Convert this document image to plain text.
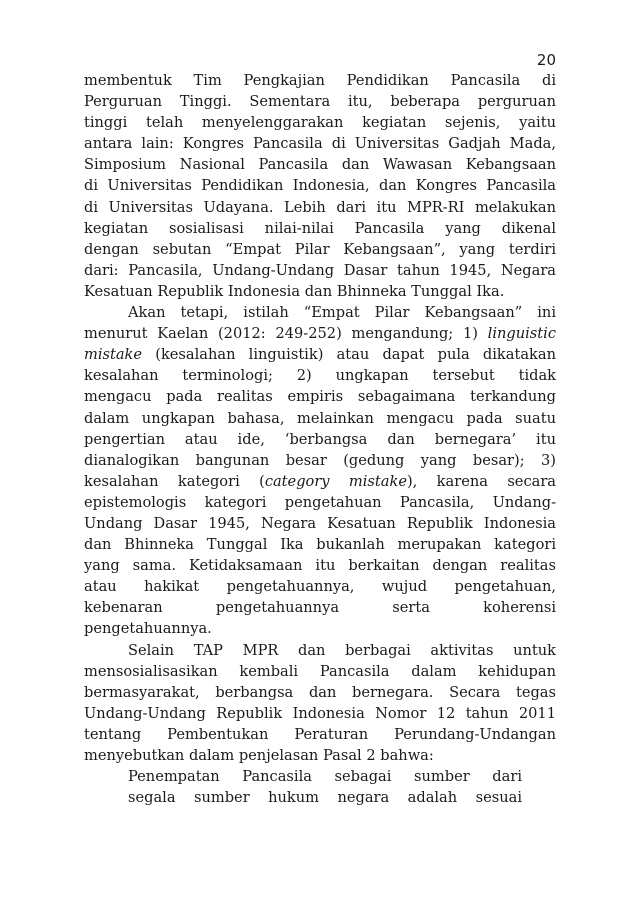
20
membentuk Tim Pengkajian Pendidikan Pancasila di
Perguruan Tinggi. Sementara itu, beberapa perguruan
tinggi telah menyelenggarakan kegiatan sejenis, yaitu
antara lain: Kongres Pancasila di Universitas Gadjah Mada,
Simposium Nasional Pancasila dan Wawasan Kebangsaan
di Universitas Pendidikan Indonesia, dan Kongres Pancasila
di Universitas Udayana. Lebih dari itu MPR-RI melakukan
kegiatan sosialisasi nilai-nilai Pancasila yang dikenal
dengan sebutan “Empat Pilar Kebangsaan”, yang terdiri
dari: Pancasila, Undang-Undang Dasar tahun 1945, Negara
Kesatuan Republik Indonesia dan Bhinneka Tunggal Ika.
Akan tetapi, istilah “Empat Pilar Kebangsaan” ini
menurut Kaelan (2012: 249-252) mengandung; 1) linguistic
mistake (kesalahan linguistik) atau dapat pula dikatakan
kesalahan terminologi; 2) ungkapan tersebut tidak
mengacu pada realitas empiris sebagaimana terkandung
dalam ungkapan bahasa, melainkan mengacu pada suatu
pengertian atau ide, ‘berbangsa dan bernegara’ itu
dianalogikan bangunan besar (gedung yang besar); 3)
kesalahan kategori (category mistake), karena secara
epistemologis kategori pengetahuan Pancasila, Undang-
Undang Dasar 1945, Negara Kesatuan Republik Indonesia
dan Bhinneka Tunggal Ika bukanlah merupakan kategori
yang sama. Ketidaksamaan itu berkaitan dengan realitas
atau hakikat pengetahuannya, wujud pengetahuan,
kebenaran pengetahuannya serta koherensi
pengetahuannya.
Selain TAP MPR dan berbagai aktivitas untuk
mensosialisasikan kembali Pancasila dalam kehidupan
bermasyarakat, berbangsa dan bernegara. Secara tegas
Undang-Undang Republik Indonesia Nomor 12 tahun 2011
tentang Pembentukan Peraturan Perundang-Undangan
menyebutkan dalam penjelasan Pasal 2 bahwa:
Penempatan Pancasila sebagai sumber dari
segala sumber hukum negara adalah sesuai
